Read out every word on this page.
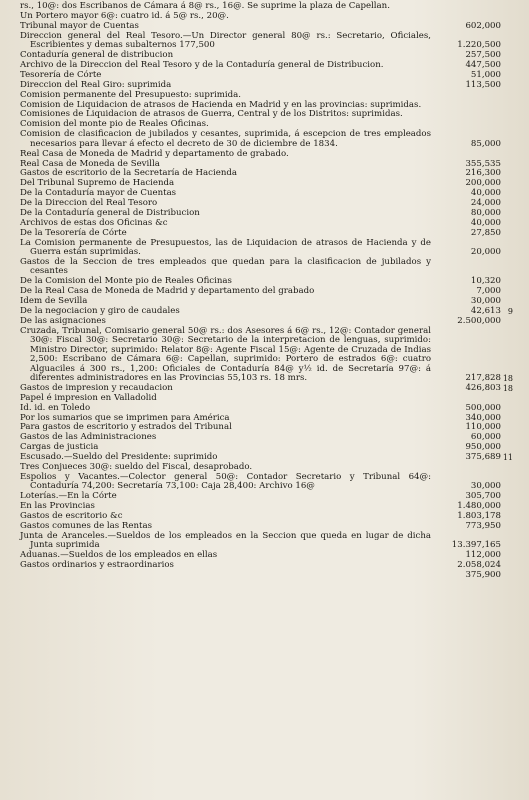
rs., 10@: dos Escribanos de Cámara á 8@ rs., 16@. Se suprime la plaza de Capellan.
Un Portero mayor 6@: cuatro id. á 5@ rs., 20@.
Tribunal mayor de Cuentas	602,000
Direccion general del Real Tesoro.—Un Director general 80@ rs.: Secretario, Oficiales, Escribientes y demas subalternos 177,500	1.220,500
Contaduría general de distribucion	257,500
Archivo de la Direccion del Real Tesoro y de la Contaduría general de Distribucion.	447,500
Tesorería de Córte	51,000
Direccion del Real Giro: suprimida	113,500
Comision permanente del Presupuesto: suprimida.
Comision de Liquidacion de atrasos de Hacienda en Madrid y en las provincias: suprimidas.
Comisiones de Liquidacion de atrasos de Guerra, Central y de los Distritos: suprimidas.
Comision del monte pio de Reales Oficinas.
Comision de clasificacion de jubilados y cesantes, suprimida, á escepcion de tres empleados necesarios para llevar á efecto el decreto de 30 de diciembre de 1834.	85,000
Real Casa de Moneda de Madrid y departamento de grabado.
Real Casa de Moneda de Sevilla	355,535
Gastos de escritorio de la Secretaría de Hacienda	216,300
Del Tribunal Supremo de Hacienda	200,000
De la Contaduría mayor de Cuentas	40,000
De la Direccion del Real Tesoro	24,000
De la Contaduría general de Distribucion	80,000
Archivos de estas dos Oficinas &c	40,000
De la Tesorería de Córte	27,850
La Comision permanente de Presupuestos, las de Liquidacion de atrasos de Hacienda y de Guerra están suprimidas.	20,000
Gastos de la Seccion de tres empleados que quedan para la clasificacion de jubilados y cesantes
De la Comision del Monte pio de Reales Oficinas	10,320
De la Real Casa de Moneda de Madrid y departamento del grabado	7,000
Idem de Sevilla	30,000
De la negociacion y giro de caudales	42,613 9
De las asignaciones	2.500,000
Cruzada, Tribunal, Comisario general 50@ rs.: dos Asesores á 6@ rs., 12@: Contador general 30@: Fiscal 30@: Secretario 30@: Secretario de la interpretacion de lenguas, suprimido: Ministro Director, suprimido: Relator 8@: Agente Fiscal 15@: Agente de Cruzada de Indias 2,500: Escribano de Cámara 6@: Capellan, suprimido: Portero de estrados 6@: cuatro Alguaciles á 300 rs., 1,200: Oficiales de Contaduría 84@ y½ id. de Secretaría 97@: á diferentes administradores en las Provincias 55,103 rs. 18 mrs.	217,828 18
Gastos de impresion y recaudacion	426,803 18
Papel é impresion en Valladolid
Id. id. en Toledo	500,000
Por los sumarios que se imprimen para América	340,000
Para gastos de escritorio y estrados del Tribunal	110,000
Gastos de las Administraciones	60,000
Cargas de justicia	950,000
Escusado.—Sueldo del Presidente: suprimido	375,689 11
Tres Conjueces 30@: sueldo del Fiscal, desaprobado.
Espolios y Vacantes.—Colector general 50@: Contador Secretario y Tribunal 64@: Contaduría 74,200: Secretaría 73,100: Caja 28,400: Archivo 16@	30,000
Loterías.—En la Córte	305,700
En las Provincias	1.480,000
Gastos de escritorio &c	1.803,178
Gastos comunes de las Rentas	773,950
Junta de Aranceles.—Sueldos de los empleados en la Seccion que queda en lugar de dicha Junta suprimida	13.397,165
Aduanas.—Sueldos de los empleados en ellas	112,000
Gastos ordinarios y estraordinarios	2.058,024
375,900
